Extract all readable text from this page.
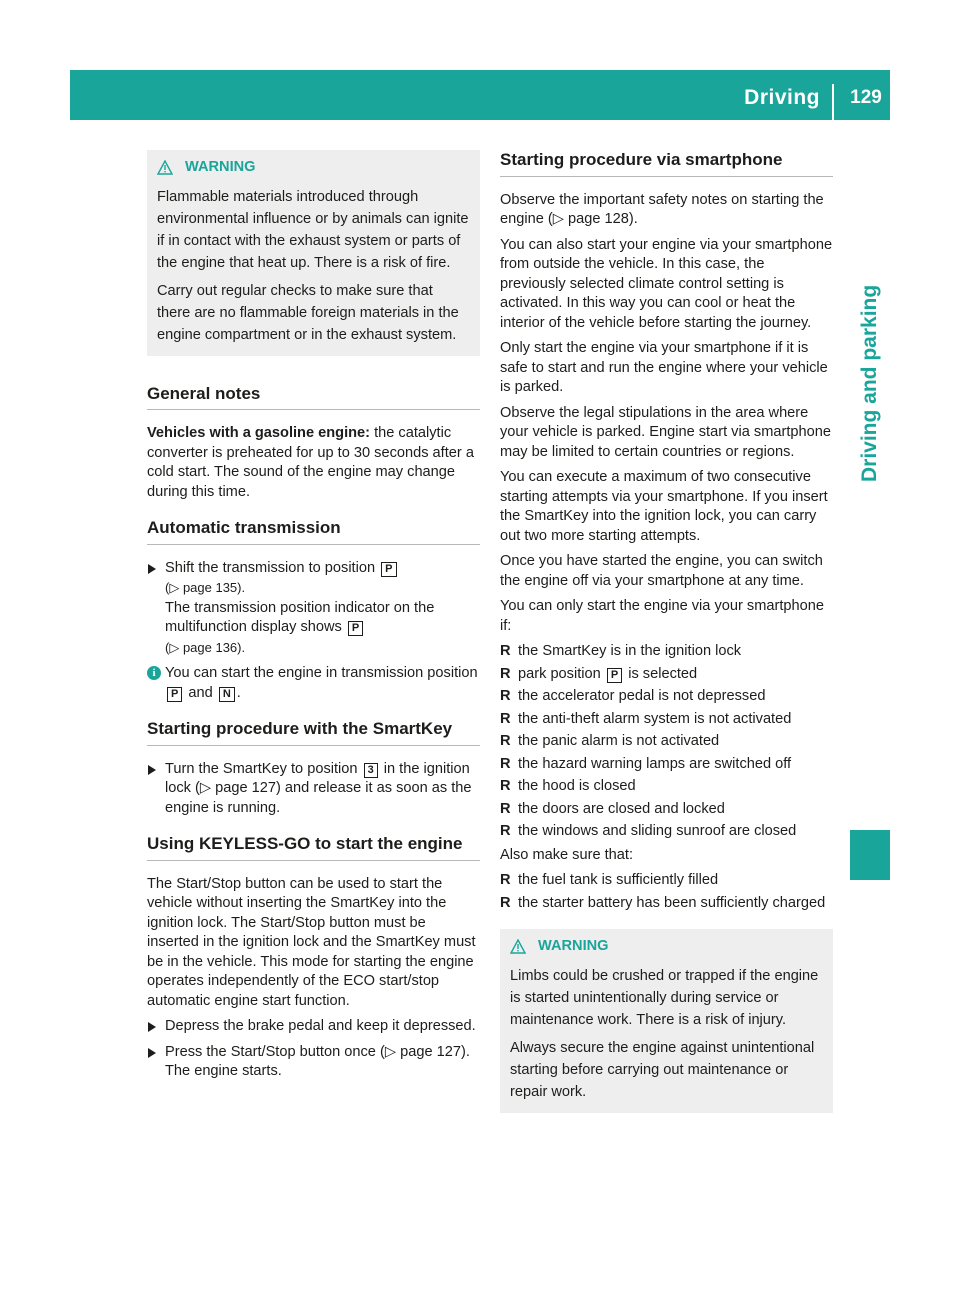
Driving	129
Driving and parking
WARNING

Flammable materials introduced through environmental influence or by animals can ignite if in contact with the exhaust system or parts of the engine that heat up. There is a risk of fire.

Carry out regular checks to make sure that there are no flammable foreign materials in the engine compartment or in the exhaust system.

General notes

Vehicles with a gasoline engine: the catalytic converter is preheated for up to 30 seconds after a cold start. The sound of the engine may change during this time.

Automatic transmission
Shift the transmission to position P
(▷ page 135).
The transmission position indicator on the multifunction display shows P
(▷ page 136).
i You can start the engine in transmission position P and N .
Starting procedure with the SmartKey
Turn the SmartKey to position 3 in the ignition lock (▷ page 127) and release it as soon as the engine is running.
Using KEYLESS-GO to start the engine

The Start/Stop button can be used to start the vehicle without inserting the SmartKey into the ignition lock. The Start/Stop button must be inserted in the ignition lock and the SmartKey must be in the vehicle. This mode for starting the engine operates independently of the ECO start/stop automatic engine start function.

Depress the brake pedal and keep it depressed.
Press the Start/Stop button once (▷ page 127).
The engine starts.
Starting procedure via smartphone

Observe the important safety notes on starting the engine (▷ page 128).

You can also start your engine via your smartphone from outside the vehicle. In this case, the previously selected climate control setting is activated. In this way you can cool or heat the interior of the vehicle before starting the journey.

Only start the engine via your smartphone if it is safe to start and run the engine where your vehicle is parked.

Observe the legal stipulations in the area where your vehicle is parked. Engine start via smartphone may be limited to certain countries or regions.

You can execute a maximum of two consecutive starting attempts via your smartphone. If you insert the SmartKey into the ignition lock, you can carry out two more starting attempts.

Once you have started the engine, you can switch the engine off via your smartphone at any time.

You can only start the engine via your smartphone if:

R the SmartKey is in the ignition lock
R park position P is selected
R the accelerator pedal is not depressed
R the anti-theft alarm system is not activated
R the panic alarm is not activated
R the hazard warning lamps are switched off
R the hood is closed
R the doors are closed and locked
R the windows and sliding sunroof are closed

Also make sure that:

R the fuel tank is sufficiently filled
R the starter battery has been sufficiently charged
WARNING

Limbs could be crushed or trapped if the engine is started unintentionally during service or maintenance work. There is a risk of injury.

Always secure the engine against unintentional starting before carrying out maintenance or repair work.
